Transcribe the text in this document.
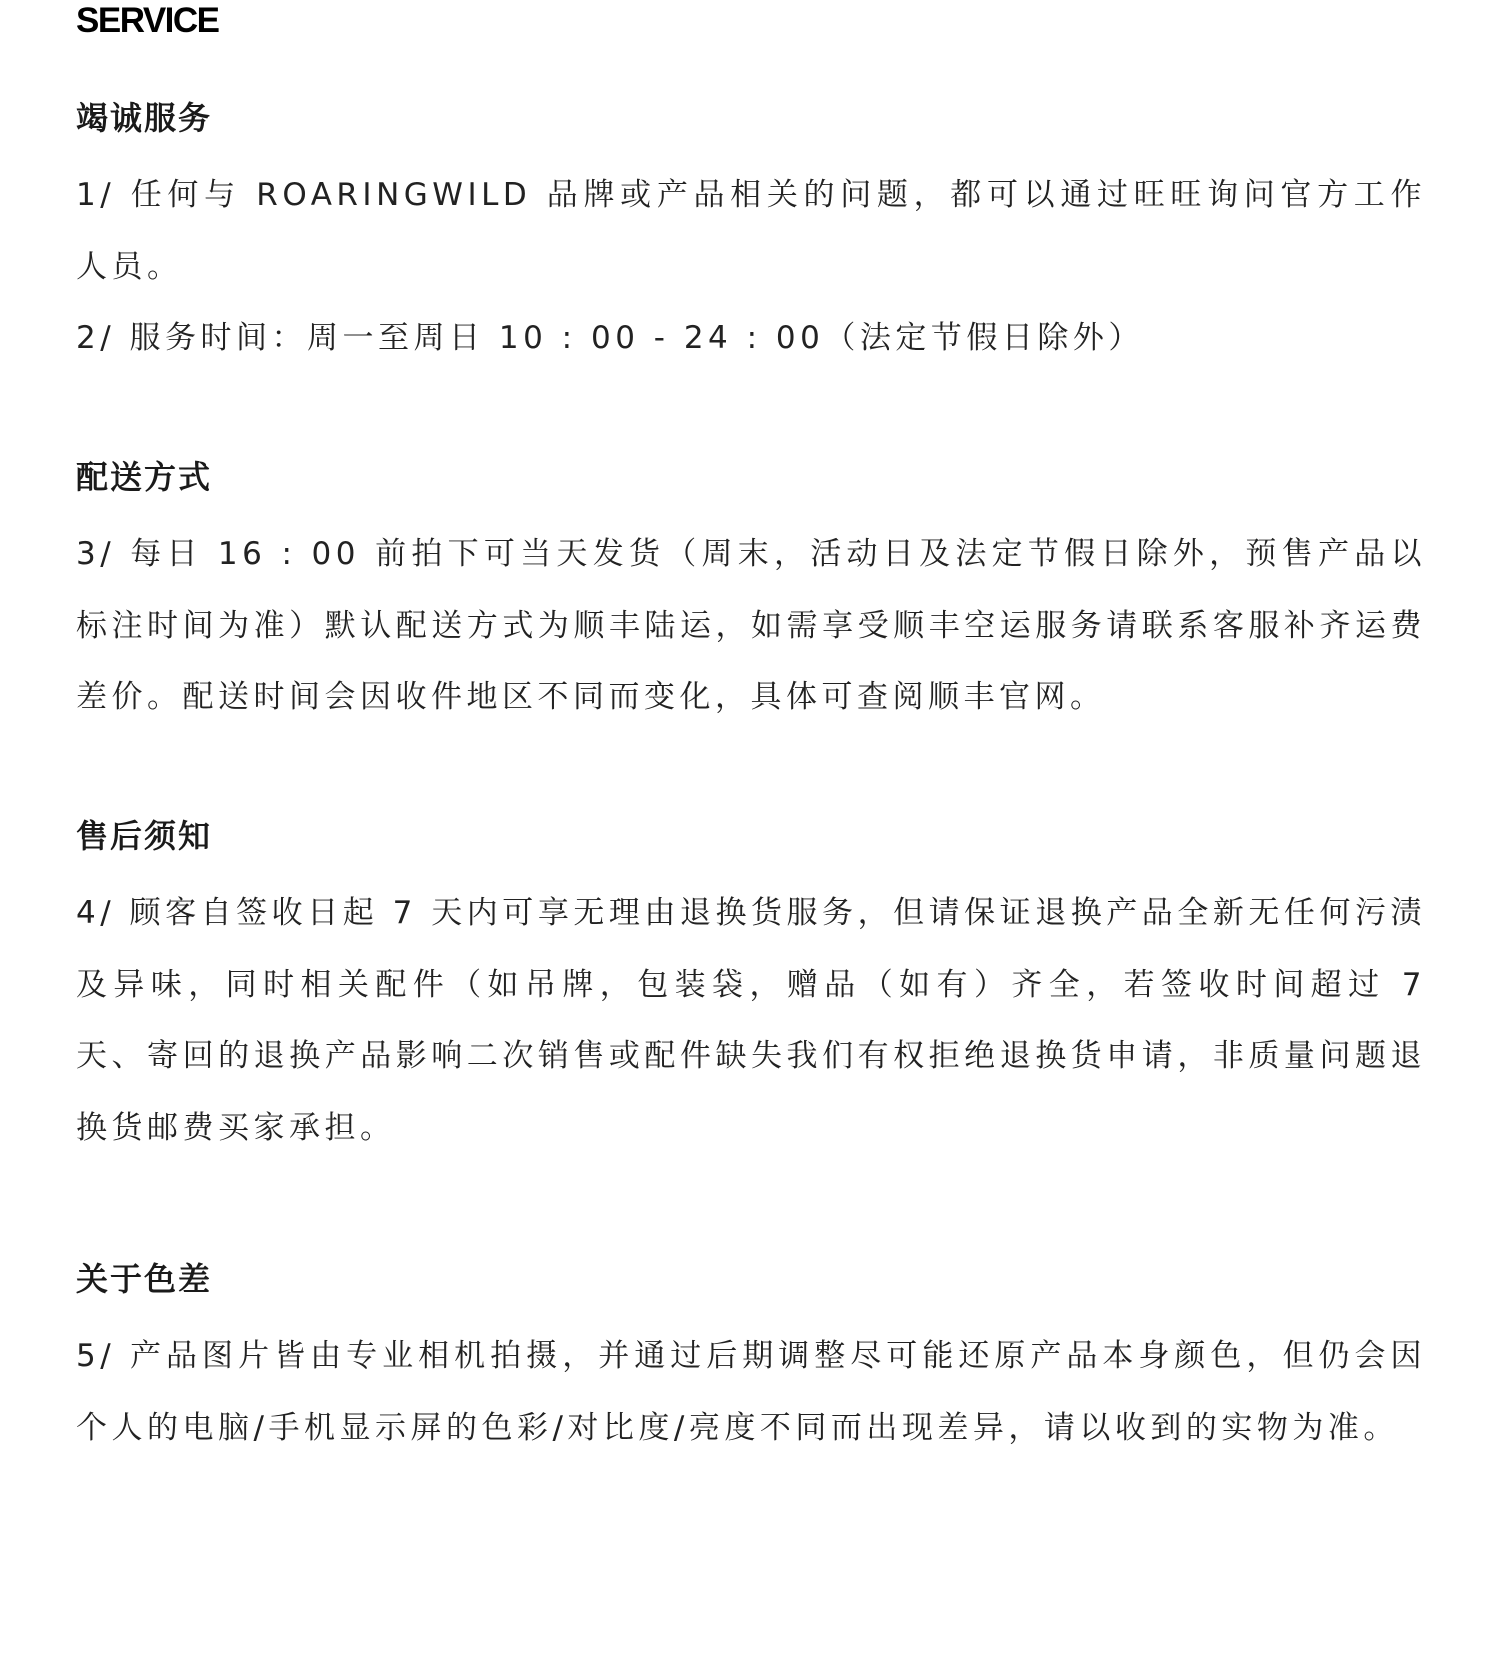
SERVICE
竭诚服务

1/ 任何与 ROARINGWILD 品牌或产品相关的问题，都可以通过旺旺询问官方工作人员。

2/ 服务时间：周一至周日 10 : 00 - 24 : 00（法定节假日除外）

配送方式

3/ 每日 16 : 00 前拍下可当天发货（周末，活动日及法定节假日除外，预售产品以标注时间为准）默认配送方式为顺丰陆运，如需享受顺丰空运服务请联系客服补齐运费差价。配送时间会因收件地区不同而变化，具体可查阅顺丰官网。

售后须知

4/ 顾客自签收日起 7 天内可享无理由退换货服务，但请保证退换产品全新无任何污渍及异味，同时相关配件（如吊牌，包装袋，赠品（如有）齐全，若签收时间超过 7 天、寄回的退换产品影响二次销售或配件缺失我们有权拒绝退换货申请，非质量问题退换货邮费买家承担。

关于色差

5/ 产品图片皆由专业相机拍摄，并通过后期调整尽可能还原产品本身颜色，但仍会因个人的电脑/手机显示屏的色彩/对比度/亮度不同而出现差异，请以收到的实物为准。
